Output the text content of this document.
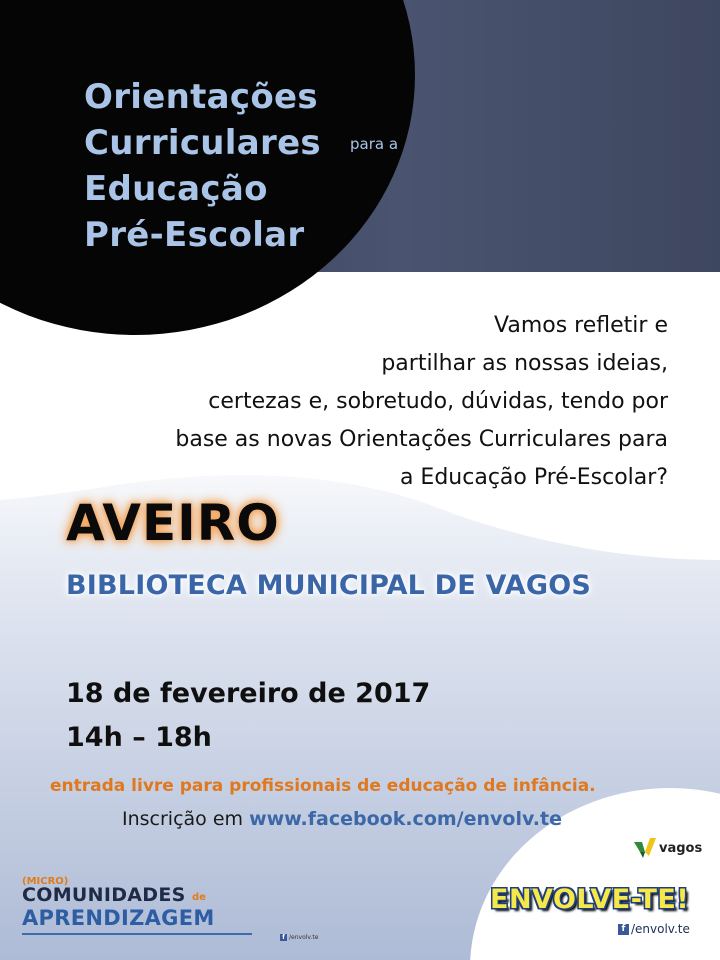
Orientações
Curriculares
Educação
Pré-Escolar
para a
Vamos refletir e
partilhar as nossas ideias,
certezas e, sobretudo, dúvidas, tendo por
base as novas Orientações Curriculares para
a Educação Pré-Escolar?
AVEIRO
BIBLIOTECA MUNICIPAL DE VAGOS
18 de fevereiro de 2017
14h – 18h
entrada livre para profissionais de educação de infância.
Inscrição em www.facebook.com/envolv.te
vagos
ENVOLVE-TE!
f /envolv.te
(MICRO)
COMUNIDADES de
APRENDIZAGEM
f /envolv.te
